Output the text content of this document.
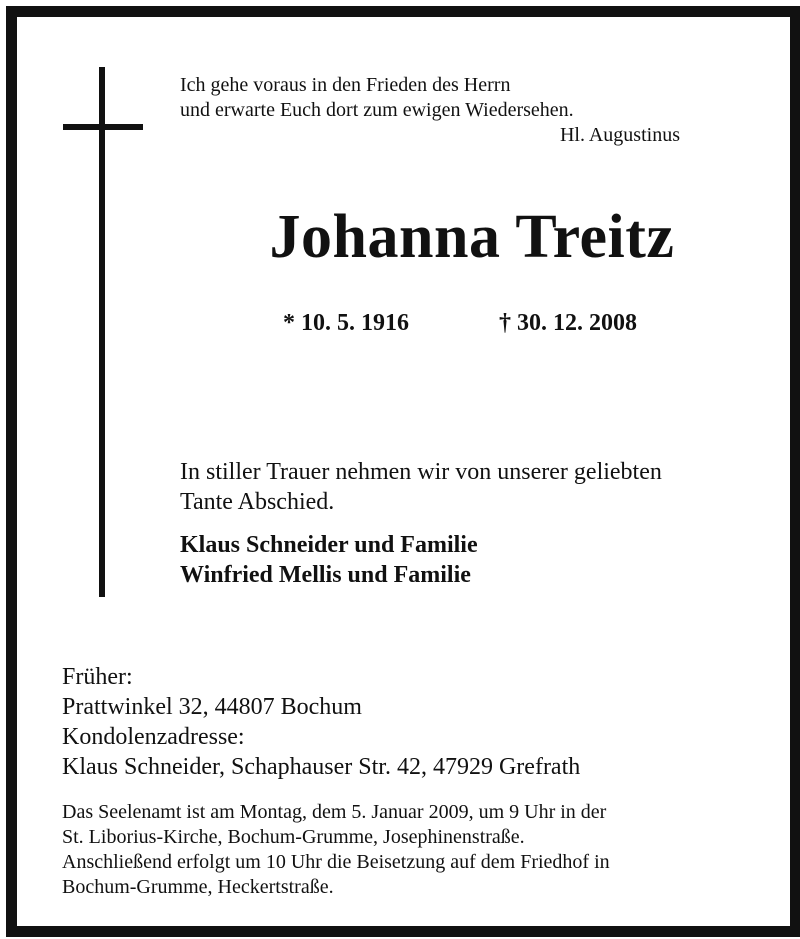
Ich gehe voraus in den Frieden des Herrn
und erwarte Euch dort zum ewigen Wiedersehen.
Hl. Augustinus
Johanna Treitz
* 10. 5. 1916	† 30. 12. 2008
In stiller Trauer nehmen wir von unserer geliebten
Tante Abschied.
Klaus Schneider und Familie
Winfried Mellis und Familie
Früher:
Prattwinkel 32, 44807 Bochum
Kondolenzadresse:
Klaus Schneider, Schaphauser Str. 42, 47929 Grefrath
Das Seelenamt ist am Montag, dem 5. Januar 2009, um 9 Uhr in der
St. Liborius-Kirche, Bochum-Grumme, Josephinenstraße.
Anschließend erfolgt um 10 Uhr die Beisetzung auf dem Friedhof in
Bochum-Grumme, Heckertstraße.
